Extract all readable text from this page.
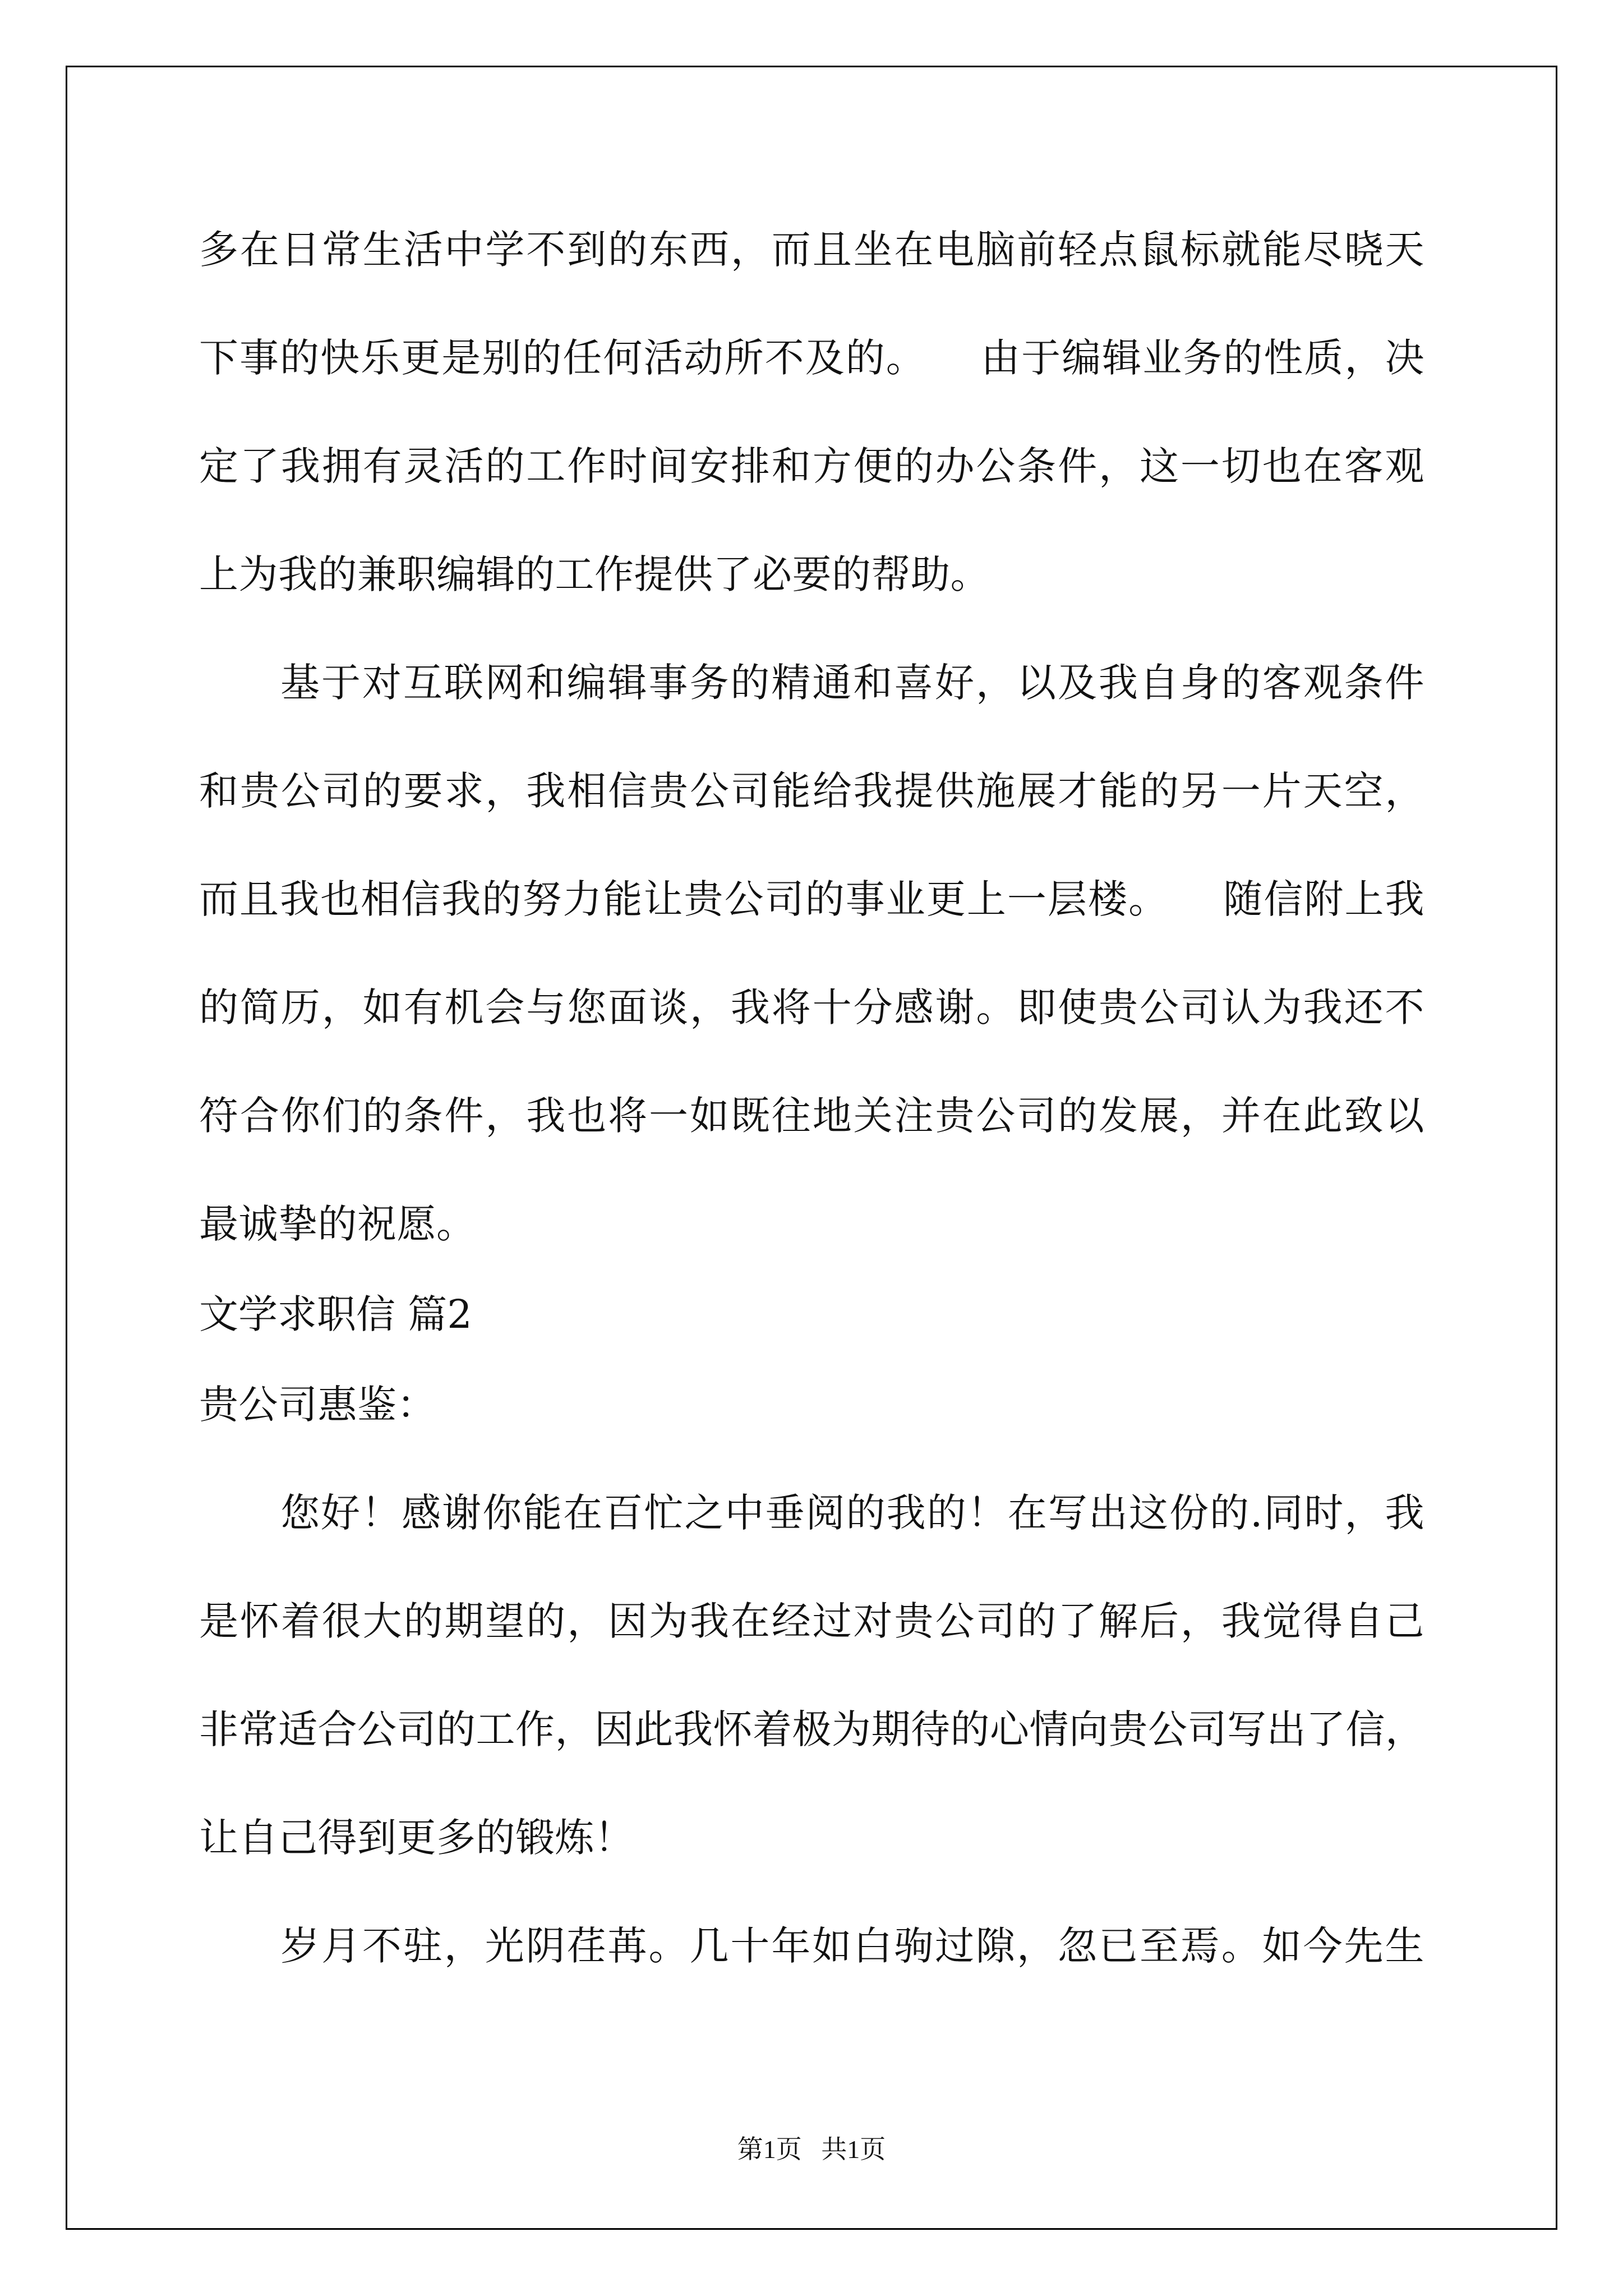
多在日常生活中学不到的东西，而且坐在电脑前轻点鼠标就能尽晓天

下事的快乐更是别的任何活动所不及的。    由于编辑业务的性质，决

定了我拥有灵活的工作时间安排和方便的办公条件，这一切也在客观

上为我的兼职编辑的工作提供了必要的帮助。

基于对互联网和编辑事务的精通和喜好，以及我自身的客观条件

和贵公司的要求，我相信贵公司能给我提供施展才能的另一片天空，

而且我也相信我的努力能让贵公司的事业更上一层楼。    随信附上我

的简历，如有机会与您面谈，我将十分感谢。即使贵公司认为我还不

符合你们的条件，我也将一如既往地关注贵公司的发展，并在此致以

最诚挚的祝愿。

文学求职信 篇2

贵公司惠鉴：

您好！感谢你能在百忙之中垂阅的我的！在写出这份的.同时，我

是怀着很大的期望的，因为我在经过对贵公司的了解后，我觉得自己

非常适合公司的工作，因此我怀着极为期待的心情向贵公司写出了信，

让自己得到更多的锻炼！

岁月不驻，光阴荏苒。几十年如白驹过隙，忽已至焉。如今先生

第1页   共1页
